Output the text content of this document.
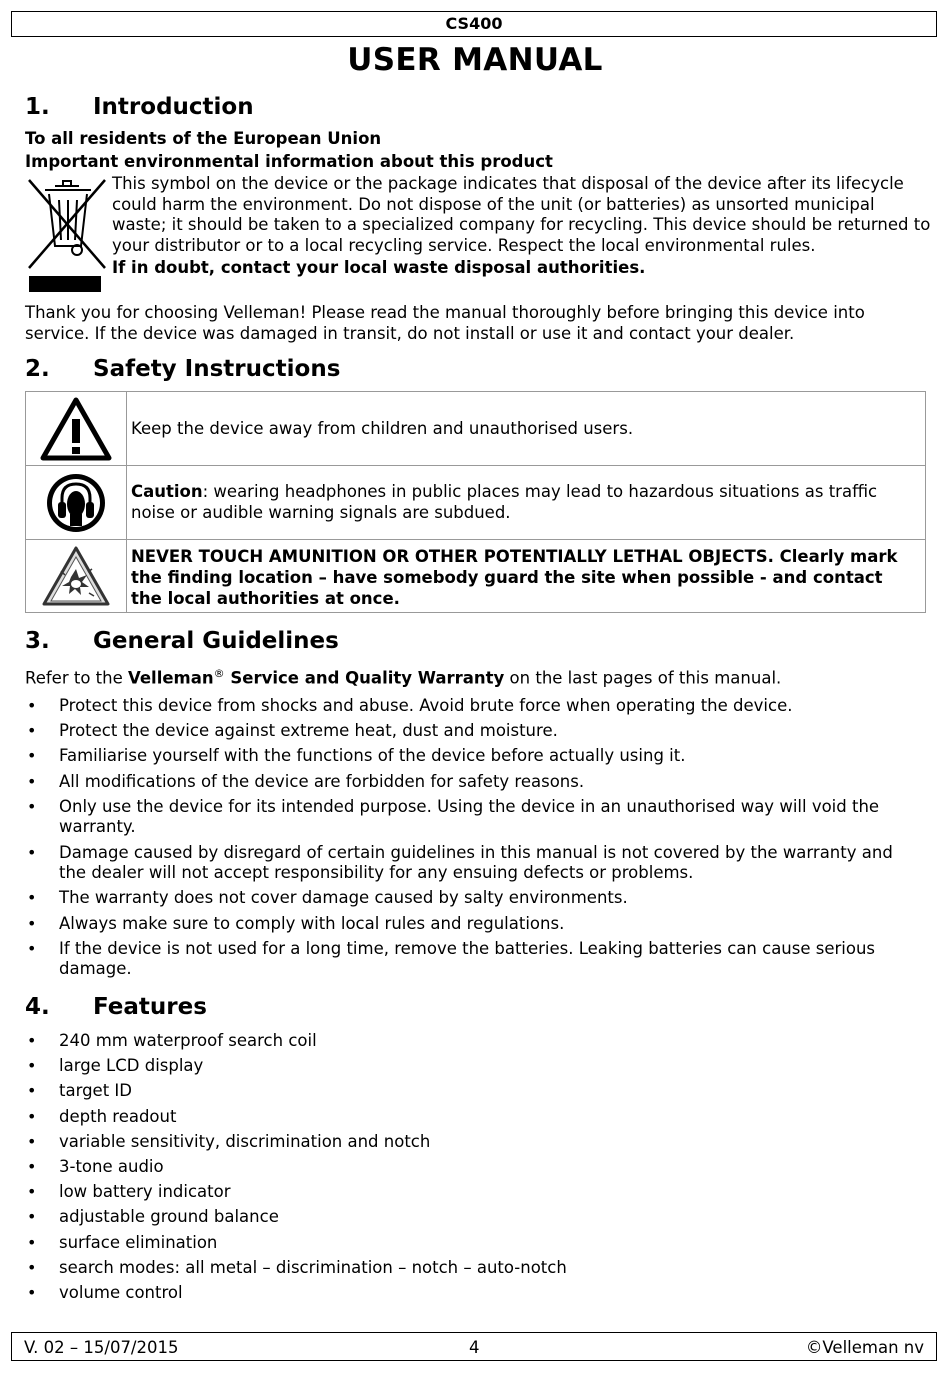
CS400
USER MANUAL
1. Introduction
To all residents of the European Union
Important environmental information about this product

This symbol on the device or the package indicates that disposal of the device after its lifecycle could harm the environment. Do not dispose of the unit (or batteries) as unsorted municipal waste; it should be taken to a specialized company for recycling. This device should be returned to your distributor or to a local recycling service. Respect the local environmental rules.

If in doubt, contact your local waste disposal authorities.

Thank you for choosing Velleman! Please read the manual thoroughly before bringing this device into
service. If the device was damaged in transit, do not install or use it and contact your dealer.
2. Safety Instructions
Keep the device away from children and unauthorised users.
Caution: wearing headphones in public places may lead to hazardous situations as traffic noise or audible warning signals are subdued.
NEVER TOUCH AMUNITION OR OTHER POTENTIALLY LETHAL OBJECTS. Clearly mark the finding location – have somebody guard the site when possible - and contact the local authorities at once.
3. General Guidelines
Refer to the Velleman® Service and Quality Warranty on the last pages of this manual.
• Protect this device from shocks and abuse. Avoid brute force when operating the device.
• Protect the device against extreme heat, dust and moisture.
• Familiarise yourself with the functions of the device before actually using it.
• All modifications of the device are forbidden for safety reasons.
• Only use the device for its intended purpose. Using the device in an unauthorised way will void the warranty.
• Damage caused by disregard of certain guidelines in this manual is not covered by the warranty and the dealer will not accept responsibility for any ensuing defects or problems.
• The warranty does not cover damage caused by salty environments.
• Always make sure to comply with local rules and regulations.
• If the device is not used for a long time, remove the batteries. Leaking batteries can cause serious damage.
4. Features
• 240 mm waterproof search coil
• large LCD display
• target ID
• depth readout
• variable sensitivity, discrimination and notch
• 3-tone audio
• low battery indicator
• adjustable ground balance
• surface elimination
• search modes: all metal – discrimination – notch – auto-notch
• volume control
V. 02 – 15/07/2015	4	©Velleman nv
